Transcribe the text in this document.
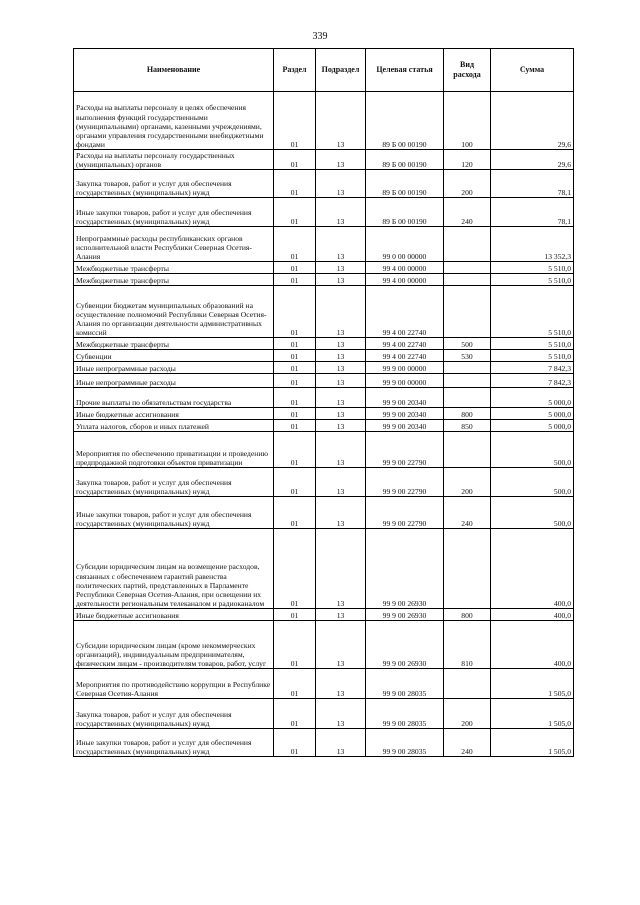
339
Наименование	Раздел	Подраздел	Целевая статья	Вид расхода	Сумма
Расходы на выплаты персоналу в целях обеспечения выполнения функций государственными (муниципальными) органами, казенными учреждениями, органами управления государственными внебюджетными фондами	01	13	89 Б 00 00190	100	29,6
Расходы на выплаты персоналу государственных (муниципальных) органов	01	13	89 Б 00 00190	120	29,6
Закупка товаров, работ и услуг для обеспечения государственных (муниципальных) нужд	01	13	89 Б 00 00190	200	78,1
Иные закупки товаров, работ и услуг для обеспечения государственных (муниципальных) нужд	01	13	89 Б 00 00190	240	78,1
Непрограммные расходы республиканских органов исполнительной власти Республики Северная Осетия-Алания	01	13	99 0 00 00000		13 352,3
Межбюджетные трансферты	01	13	99 4 00 00000		5 510,0
Межбюджетные трансферты	01	13	99 4 00 00000		5 510,0
Субвенции бюджетам муниципальных образований на осуществление полномочий Республики Северная Осетия-Алания по организации деятельности административных комиссий	01	13	99 4 00 22740		5 510,0
Межбюджетные трансферты	01	13	99 4 00 22740	500	5 510,0
Субвенции	01	13	99 4 00 22740	530	5 510,0
Иные непрограммные расходы	01	13	99 9 00 00000		7 842,3
Иные непрограммные расходы	01	13	99 9 00 00000		7 842,3
Прочие выплаты по обязательствам государства	01	13	99 9 00 20340		5 000,0
Иные бюджетные ассигнования	01	13	99 9 00 20340	800	5 000,0
Уплата налогов, сборов и иных платежей	01	13	99 9 00 20340	850	5 000,0
Мероприятия по обеспечению приватизации и проведению предпродажной подготовки объектов приватизации	01	13	99 9 00 22790		500,0
Закупка товаров, работ и услуг для обеспечения государственных (муниципальных) нужд	01	13	99 9 00 22790	200	500,0
Иные закупки товаров, работ и услуг для обеспечения государственных (муниципальных) нужд	01	13	99 9 00 22790	240	500,0
Субсидии юридическим лицам на возмещение расходов, связанных с обеспечением гарантий равенства политических партий, представленных в Парламенте Республики Северная Осетия-Алания, при освещении их деятельности региональным телеканалом и радиоканалом	01	13	99 9 00 26930		400,0
Иные бюджетные ассигнования	01	13	99 9 00 26930	800	400,0
Субсидии юридическим лицам (кроме некоммерческих организаций), индивидуальным предпринимателям, физическим лицам - производителям товаров, работ, услуг	01	13	99 9 00 26930	810	400,0
Мероприятия по противодействию коррупции в Республике Северная Осетия-Алания	01	13	99 9 00 28035		1 505,0
Закупка товаров, работ и услуг для обеспечения государственных (муниципальных) нужд	01	13	99 9 00 28035	200	1 505,0
Иные закупки товаров, работ и услуг для обеспечения государственных (муниципальных) нужд	01	13	99 9 00 28035	240	1 505,0
